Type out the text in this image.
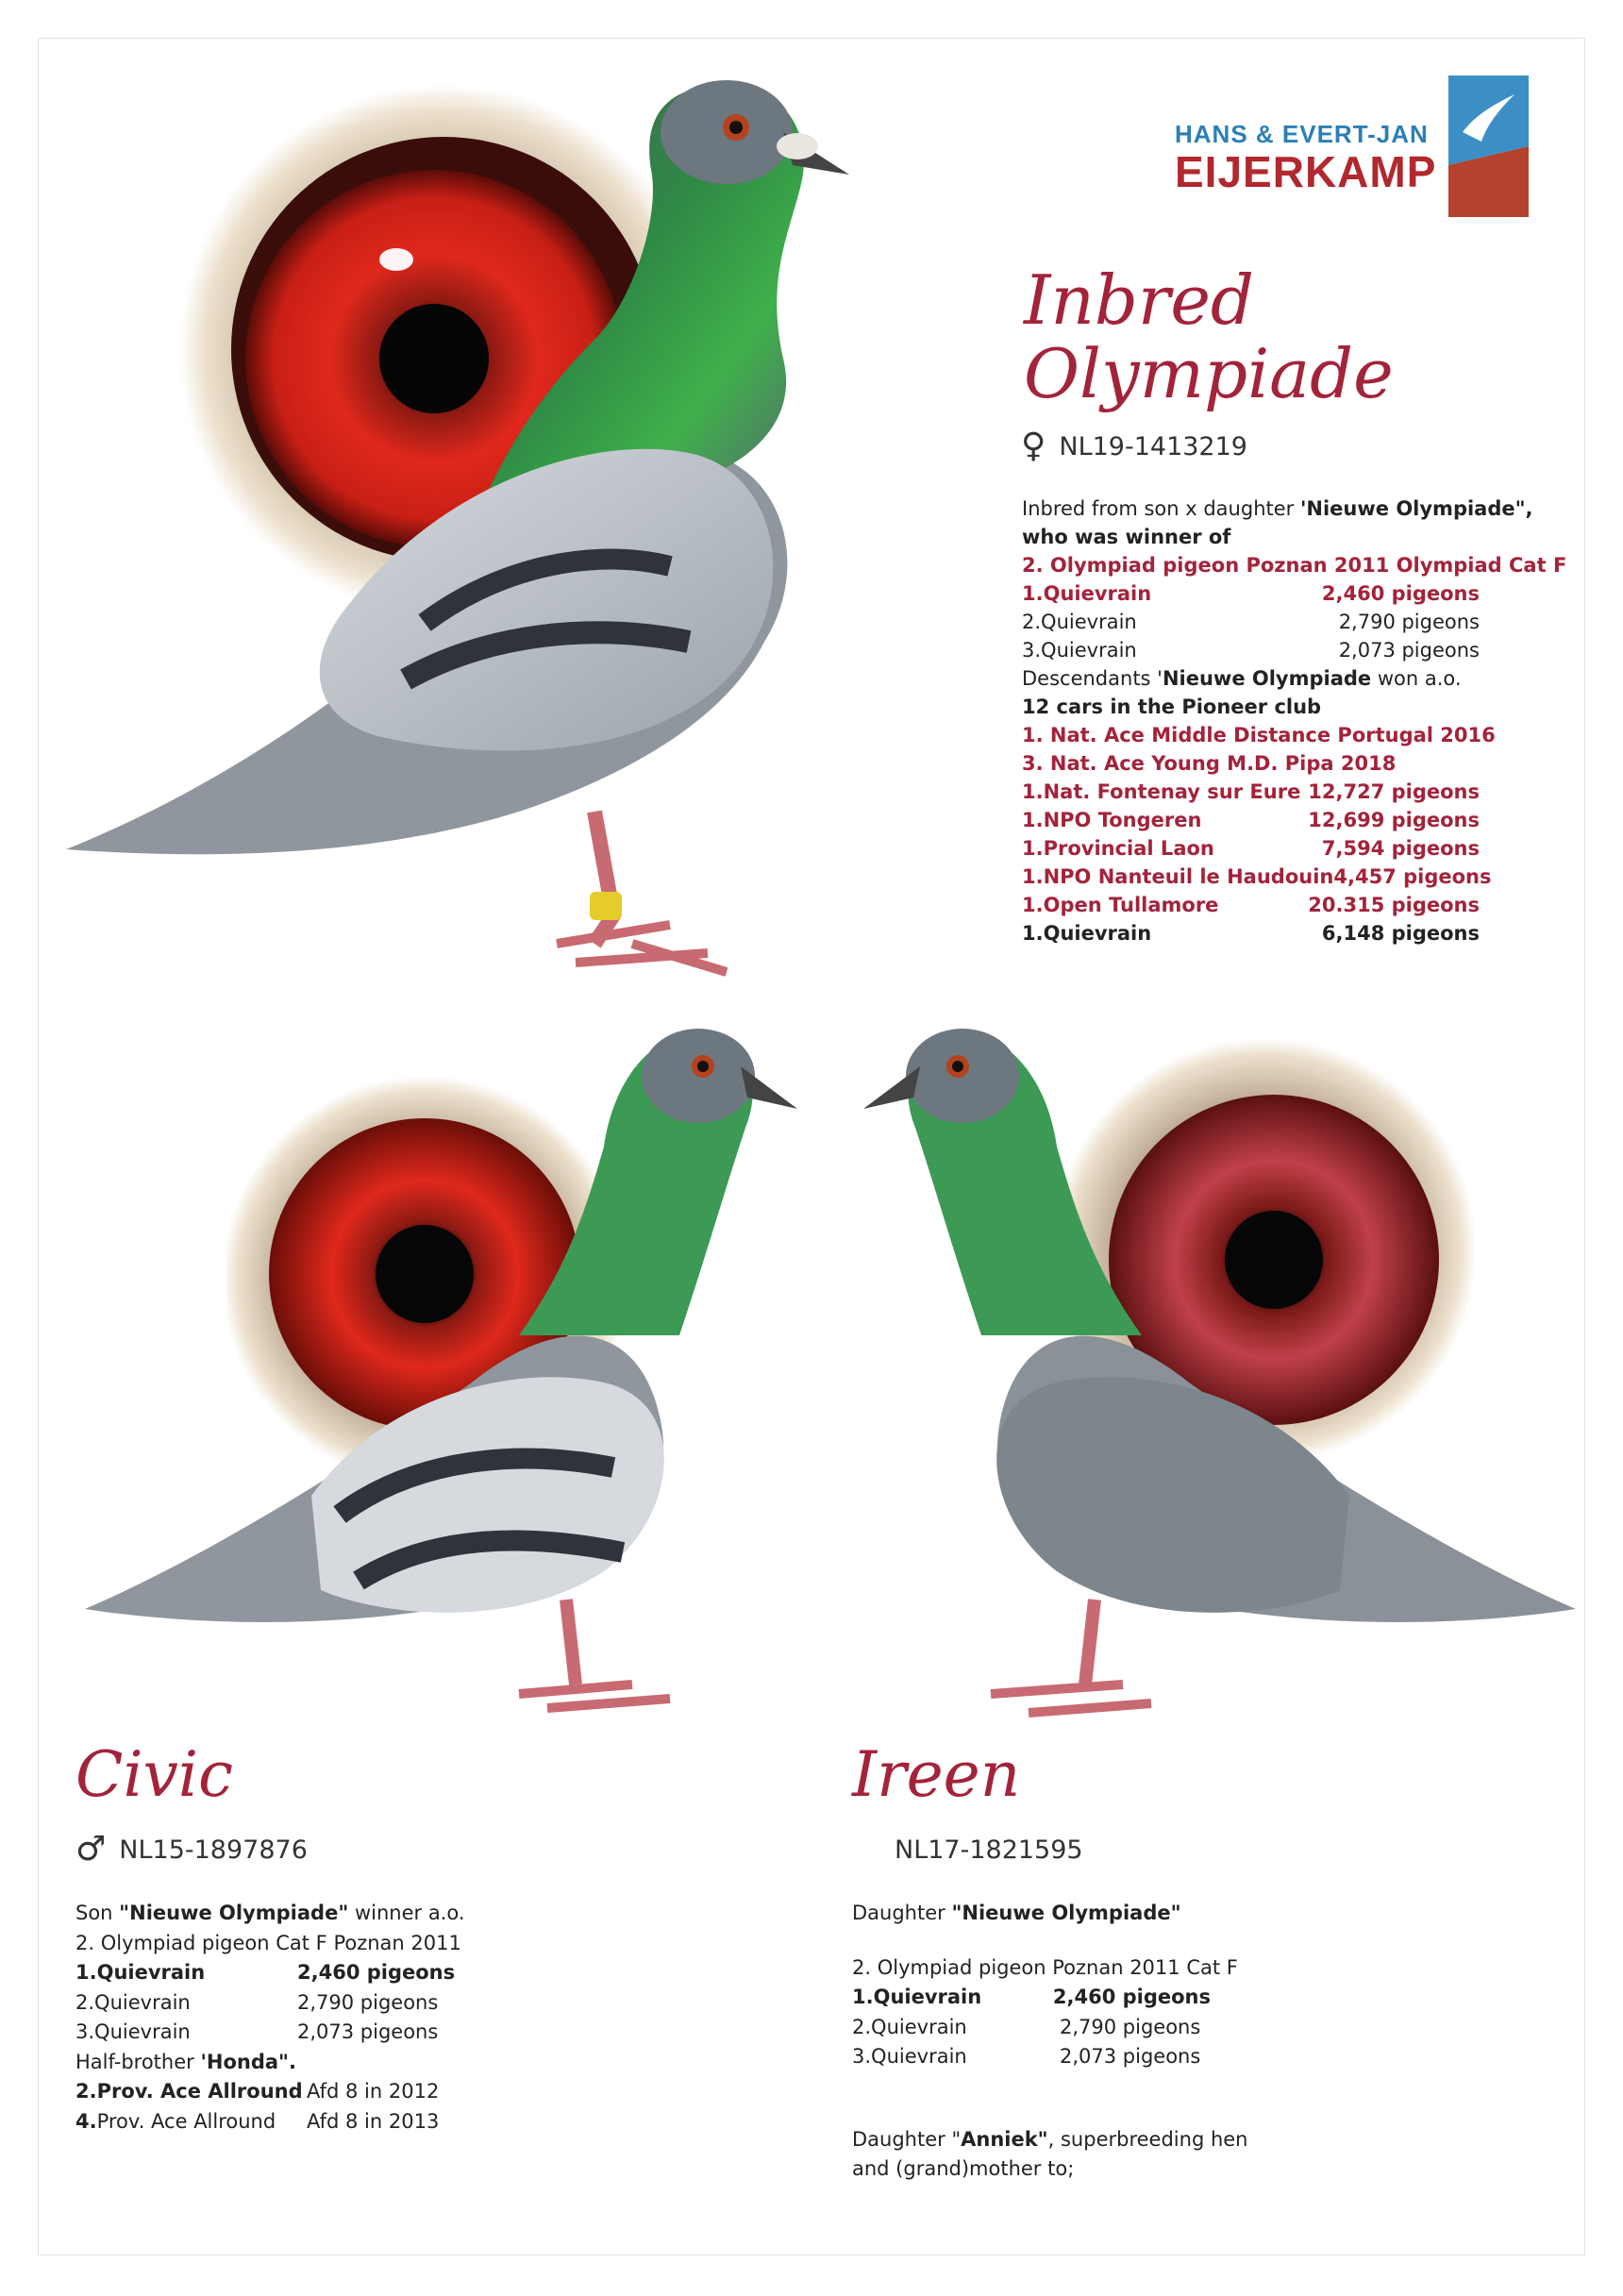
HANS & EVERT-JAN
EIJERKAMP
Inbred
Olympiade
♀ NL19-1413219
Inbred from son x daughter 'Nieuwe Olympiade",
who was winner of
2. Olympiad pigeon Poznan 2011 Olympiad Cat F
1.Quievrain	2,460 pigeons
2.Quievrain	2,790 pigeons
3.Quievrain	2,073 pigeons
Descendants 'Nieuwe Olympiade won a.o.
12 cars in the Pioneer club
1. Nat. Ace Middle Distance Portugal 2016
3. Nat. Ace Young M.D. Pipa 2018
1.Nat. Fontenay sur Eure 12,727 pigeons
1.NPO Tongeren	12,699 pigeons
1.Provincial Laon	7,594 pigeons
1.NPO Nanteuil le Haudouin 4,457 pigeons
1.Open Tullamore	20.315 pigeons
1.Quievrain	6,148 pigeons
Civic
♂ NL15-1897876
Son "Nieuwe Olympiade" winner a.o.
2. Olympiad pigeon Cat F Poznan 2011
1.Quievrain	2,460 pigeons
2.Quievrain	2,790 pigeons
3.Quievrain	2,073 pigeons
Half-brother 'Honda".
2.Prov. Ace Allround Afd 8 in 2012
4.Prov. Ace Allround	Afd 8 in 2013
Ireen
NL17-1821595
Daughter "Nieuwe Olympiade"
2. Olympiad pigeon Poznan 2011 Cat F
1.Quievrain	2,460 pigeons
2.Quievrain	2,790 pigeons
3.Quievrain	2,073 pigeons
Daughter "Anniek", superbreeding hen
and (grand)mother to;
